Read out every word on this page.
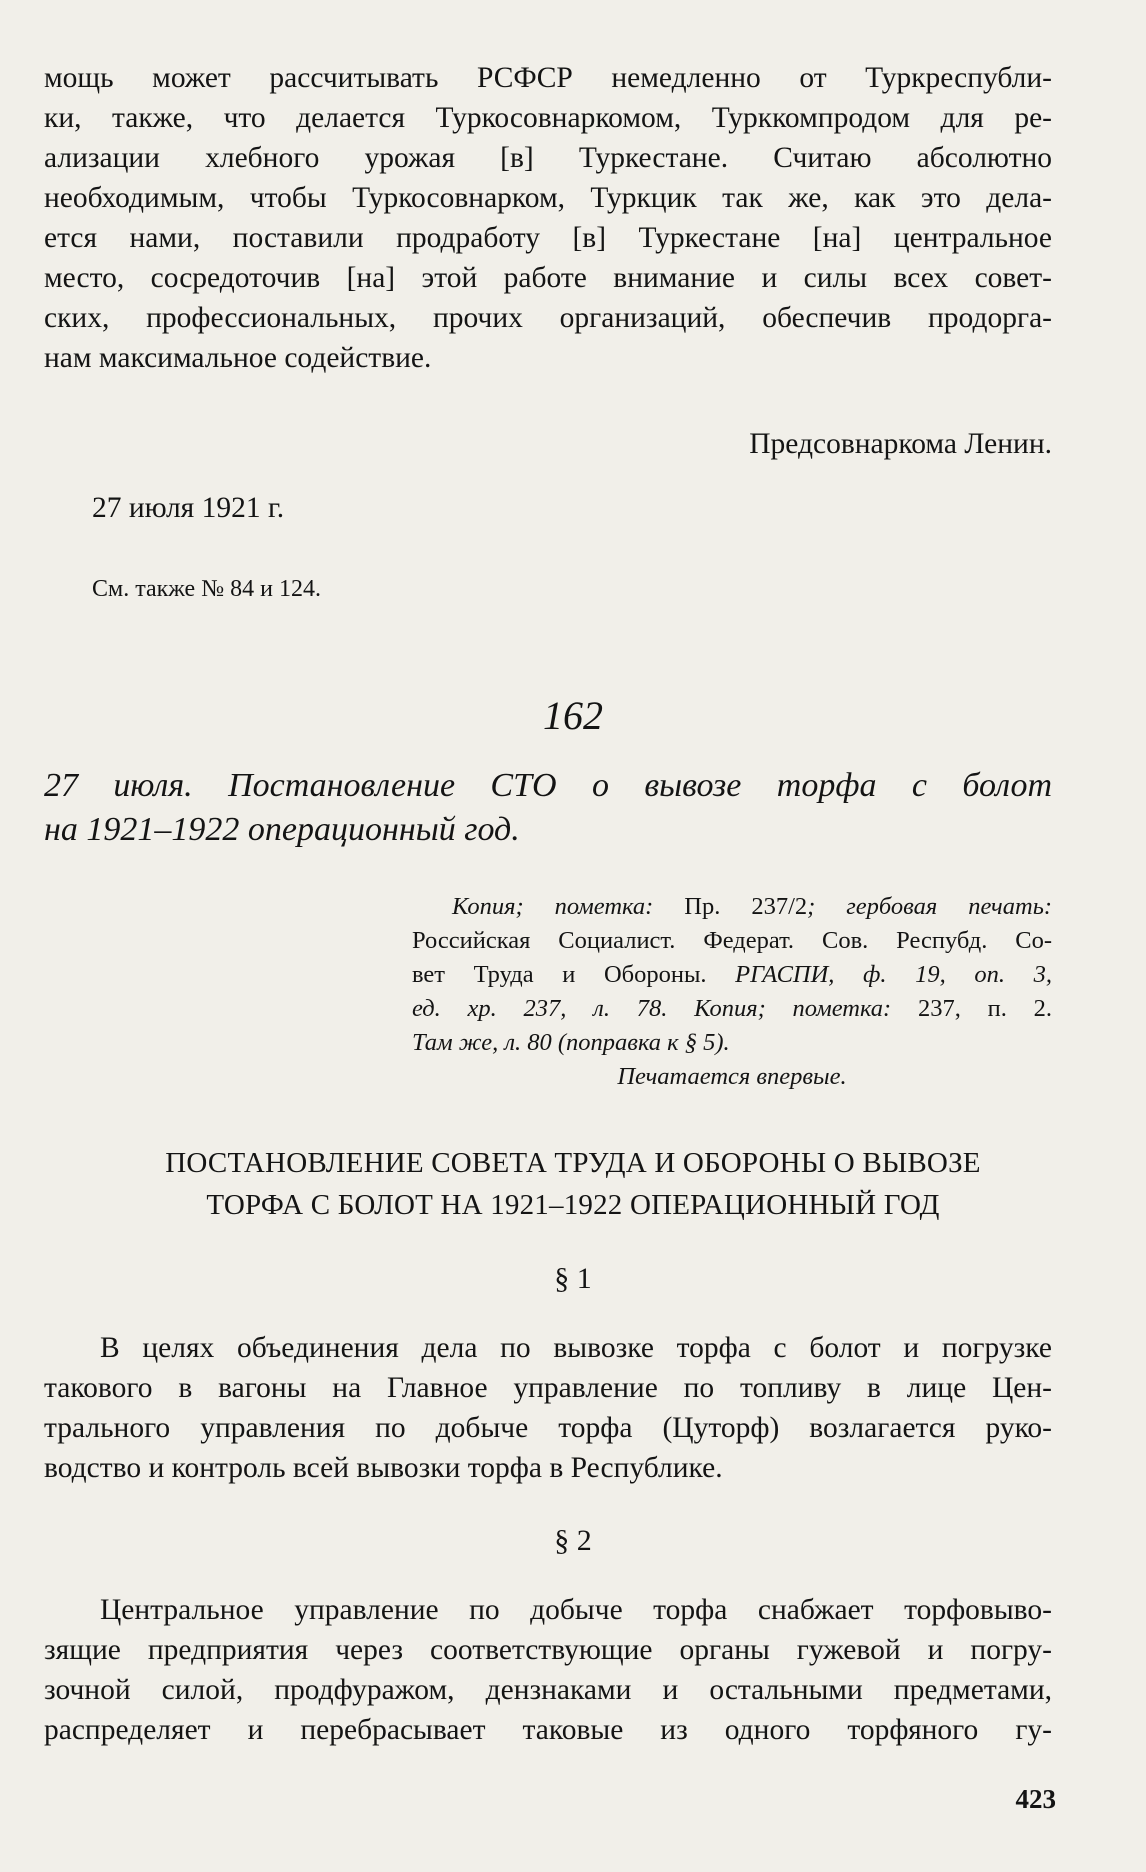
мощь может рассчитывать РСФСР немедленно от Туркреспубли-

ки, также, что делается Туркосовнаркомом, Турккомпродом для ре-

ализации хлебного урожая [в] Туркестане. Считаю абсолютно

необходимым, чтобы Туркосовнарком, Туркцик так же, как это дела-

ется нами, поставили продработу [в] Туркестане [на] центральное

место, сосредоточив [на] этой работе внимание и силы всех совет-

ских, профессиональных, прочих организаций, обеспечив продорга-

нам максимальное содействие.

Предсовнаркома Ленин.
27 июля 1921 г.
См. также № 84 и 124.
162

27 июля. Постановление СТО о вывозе торфа с болот

на 1921–1922 операционный год.

Копия; пометка: Пр. 237/2; гербовая печать:
Российская Социалист. Федерат. Сов. Респубд. Со-
вет Труда и Обороны. РГАСПИ, ф. 19, оп. 3,
ед. хр. 237, л. 78. Копия; пометка: 237, п. 2.
Там же, л. 80 (поправка к § 5).
Печатается впервые.

ПОСТАНОВЛЕНИЕ СОВЕТА ТРУДА И ОБОРОНЫ О ВЫВОЗЕ

ТОРФА С БОЛОТ НА 1921–1922 ОПЕРАЦИОННЫЙ ГОД

§ 1

В целях объединения дела по вывозке торфа с болот и погрузке

такового в вагоны на Главное управление по топливу в лице Цен-

трального управления по добыче торфа (Цуторф) возлагается руко-

водство и контроль всей вывозки торфа в Республике.

§ 2

Центральное управление по добыче торфа снабжает торфовыво-

зящие предприятия через соответствующие органы гужевой и погру-

зочной силой, продфуражом, дензнаками и остальными предметами,

распределяет и перебрасывает таковые из одного торфяного гу-

423
